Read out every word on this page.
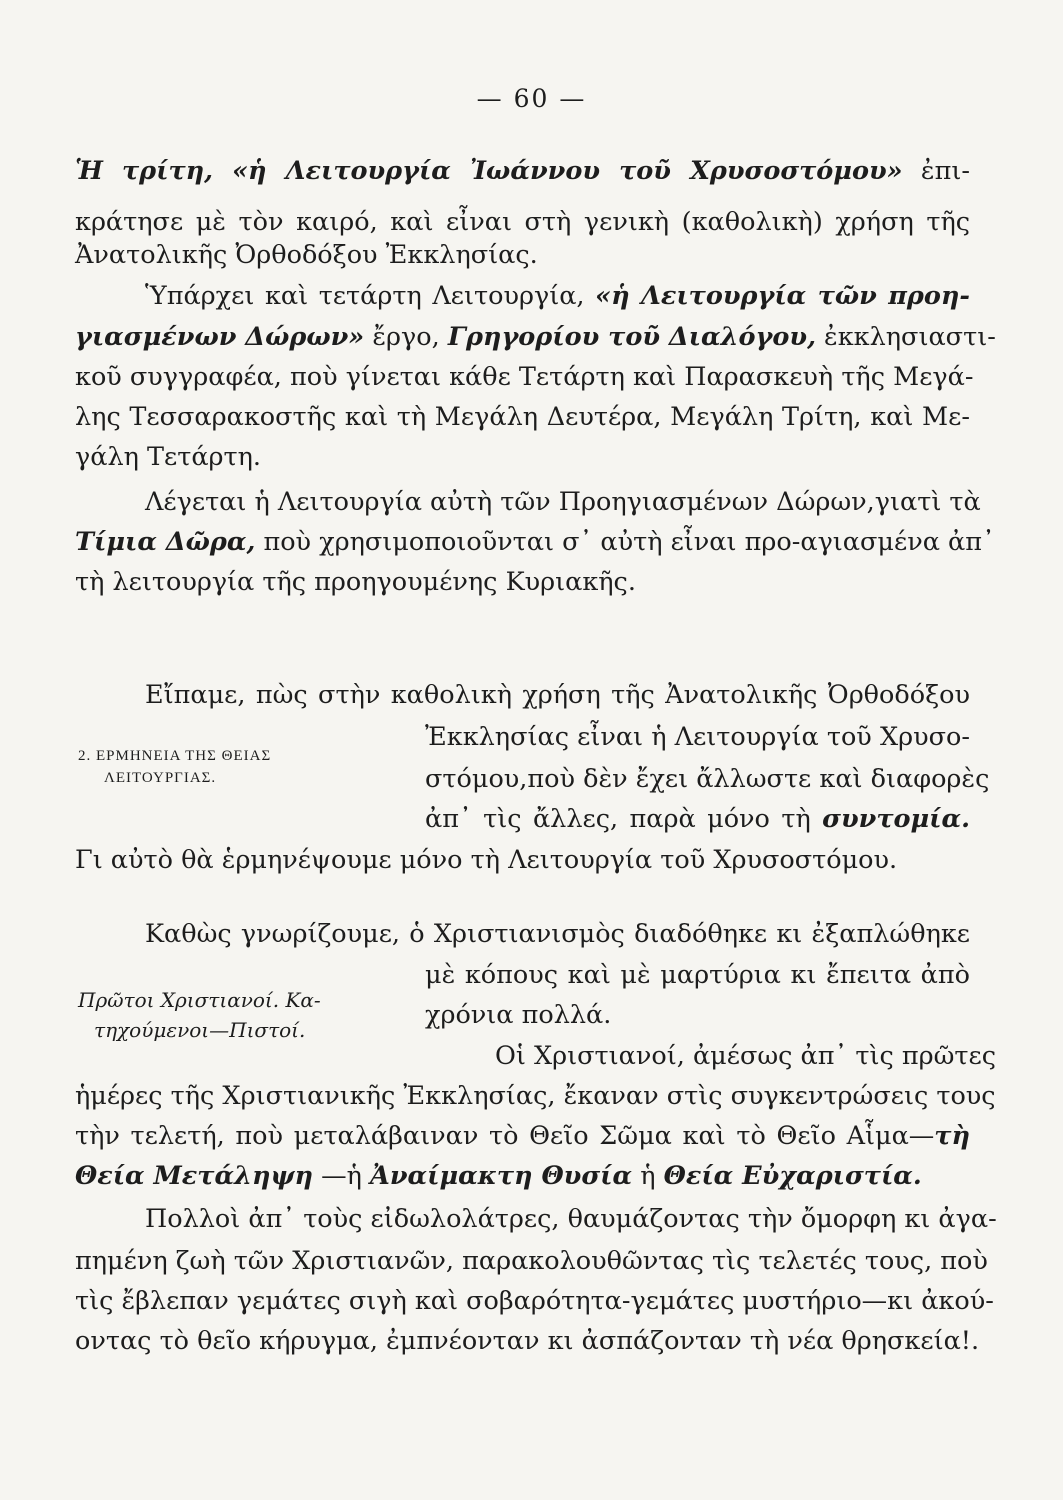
— 60 —
Ἡ τρίτη, «ἡ Λειτουργία Ἰωάννου τοῦ Χρυσοστόμου» ἐπι-
κράτησε μὲ τὸν καιρό, καὶ εἶναι στὴ γενικὴ (καθολικὴ) χρήση τῆς
Ἀνατολικῆς Ὀρθοδόξου Ἐκκλησίας.
Ὑπάρχει καὶ τετάρτη Λειτουργία, «ἡ Λειτουργία τῶν προη-
γιασμένων Δώρων» ἔργο, Γρηγορίου τοῦ Διαλόγου, ἐκκλησιαστι-
κοῦ συγγραφέα, ποὺ γίνεται κάθε Τετάρτη καὶ Παρασκευὴ τῆς Μεγά-
λης Τεσσαρακοστῆς καὶ τὴ Μεγάλη Δευτέρα, Μεγάλη Τρίτη, καὶ Με-
γάλη Τετάρτη.
Λέγεται ἡ Λειτουργία αὐτὴ τῶν Προηγιασμένων Δώρων,γιατὶ τὰ
Τίμια Δῶρα, ποὺ χρησιμοποιοῦνται σ᾽ αὐτὴ εἶναι προ-αγιασμένα ἀπ᾽
τὴ λειτουργία τῆς προηγουμένης Κυριακῆς.
2. ΕΡΜΗΝΕΙΑ ΤΗΣ ΘΕΙΑΣ
ΛΕΙΤΟΥΡΓΙΑΣ.
Εἴπαμε, πὼς στὴν καθολικὴ χρήση τῆς Ἀνατολικῆς Ὀρθοδόξου
Ἐκκλησίας εἶναι ἡ Λειτουργία τοῦ Χρυσο-
στόμου,ποὺ δὲν ἔχει ἄλλωστε καὶ διαφορὲς
ἀπ᾽ τὶς ἄλλες, παρὰ μόνο τὴ συντομία.
Γι αὐτὸ θὰ ἑρμηνέψουμε μόνο τὴ Λειτουργία τοῦ Χρυσοστόμου.
Καθὼς γνωρίζουμε, ὁ Χριστιανισμὸς διαδόθηκε κι ἐξαπλώθηκε
μὲ κόπους καὶ μὲ μαρτύρια κι ἔπειτα ἀπὸ
χρόνια πολλά.
Πρῶτοι Χριστιανοί. Κα-
τηχούμενοι—Πιστοί.
Οἱ Χριστιανοί, ἀμέσως ἀπ᾽ τὶς πρῶτες
ἡμέρες τῆς Χριστιανικῆς Ἐκκλησίας, ἔκαναν στὶς συγκεντρώσεις τους
τὴν τελετή, ποὺ μεταλάβαιναν τὸ Θεῖο Σῶμα καὶ τὸ Θεῖο Αἷμα—τὴ
Θεία Μετάληψη —ἡ Ἀναίμακτη Θυσία ἡ Θεία Εὐχαριστία.
Πολλοὶ ἀπ᾽ τοὺς εἰδωλολάτρες, θαυμάζοντας τὴν ὄμορφη κι ἀγα-
πημένη ζωὴ τῶν Χριστιανῶν, παρακολουθῶντας τὶς τελετές τους, ποὺ
τὶς ἔβλεπαν γεμάτες σιγὴ καὶ σοβαρότητα-γεμάτες μυστήριο—κι ἀκού-
οντας τὸ θεῖο κήρυγμα, ἐμπνέονταν κι ἀσπάζονταν τὴ νέα θρησκεία!.
